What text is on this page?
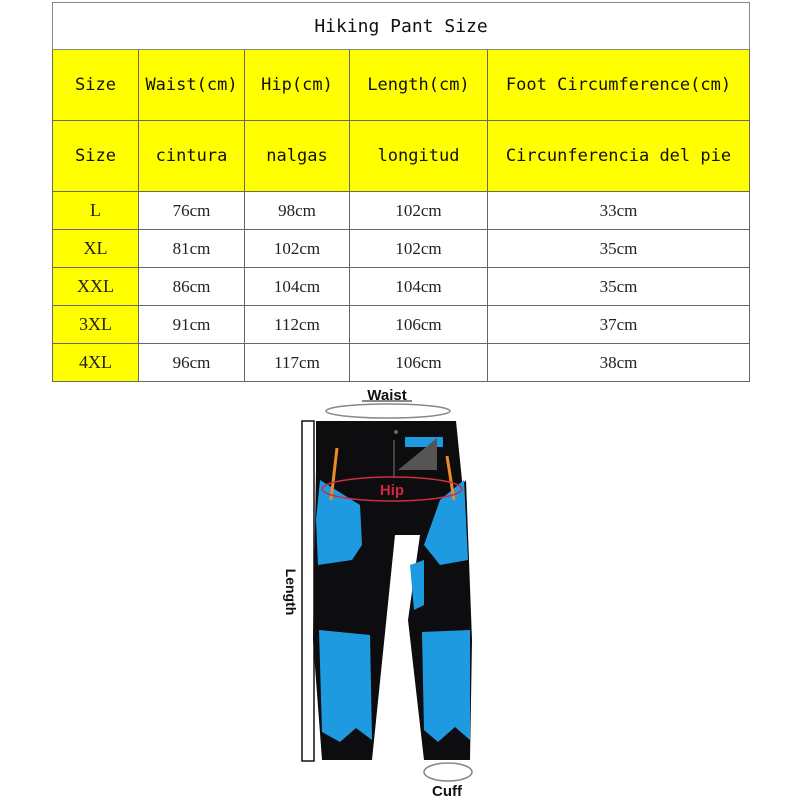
Hiking Pant Size				
Size	Waist(cm)	Hip(cm)	Length(cm)	Foot Circumference(cm)
Size	cintura	nalgas	longitud	Circunferencia del pie
L	76cm	98cm	102cm	33cm
XL	81cm	102cm	102cm	35cm
XXL	86cm	104cm	104cm	35cm
3XL	91cm	112cm	106cm	37cm
4XL	96cm	117cm	106cm	38cm
Waist
Length
Hip
Cuff
